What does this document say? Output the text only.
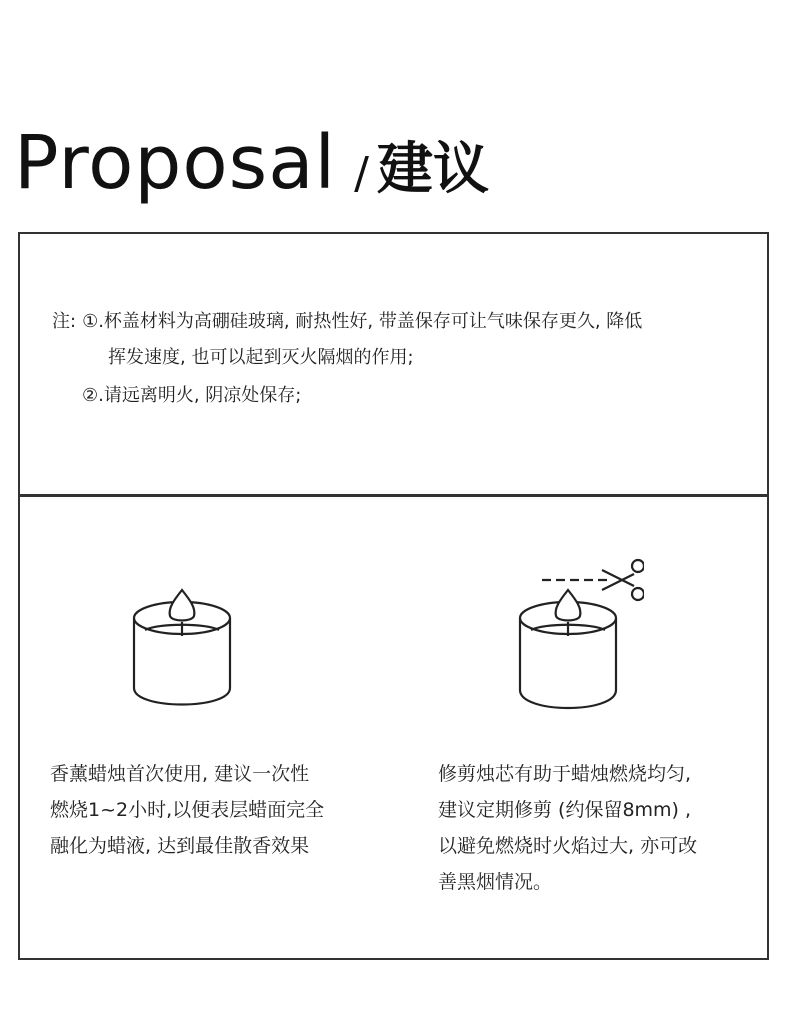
Proposal / 建议
注: ①.杯盖材料为高硼硅玻璃, 耐热性好, 带盖保存可让气味保存更久, 降低
挥发速度, 也可以起到灭火隔烟的作用;
②.请远离明火, 阴凉处保存;
香薰蜡烛首次使用, 建议一次性
燃烧1~2小时,以便表层蜡面完全
融化为蜡液, 达到最佳散香效果
修剪烛芯有助于蜡烛燃烧均匀,
建议定期修剪 (约保留8mm) ,
以避免燃烧时火焰过大, 亦可改
善黑烟情况。
